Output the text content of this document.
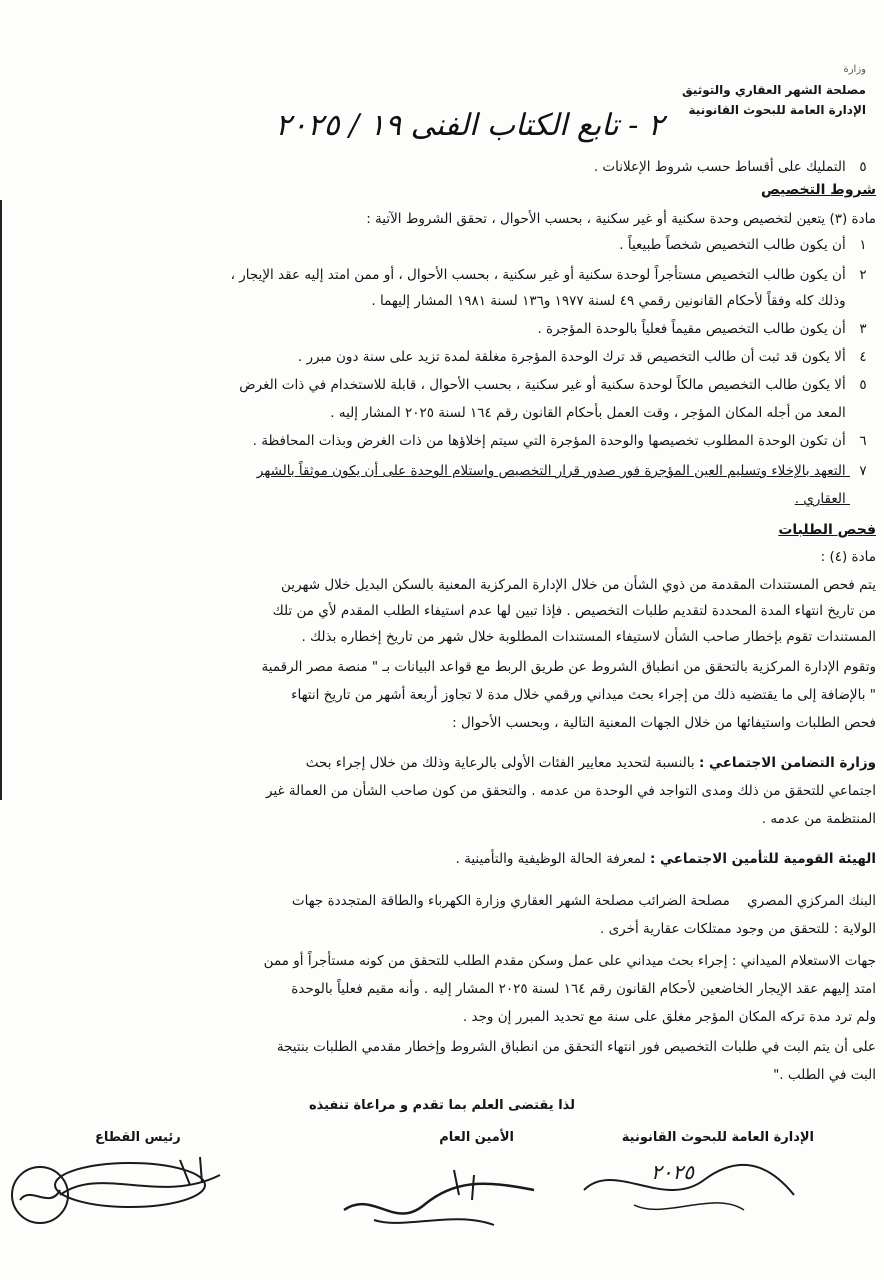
وزارة
مصلحة الشهر العقاري والتوثيق
الإدارة العامة للبحوث القانونية
٢ - تابع الكتاب الفنى ١٩ / ٢٠٢٥
٥ التمليك على أقساط حسب شروط الإعلانات .
شروط التخصيص
مادة (٣) يتعين لتخصيص وحدة سكنية أو غير سكنية ، بحسب الأحوال ، تحقق الشروط الآتية :
١ أن يكون طالب التخصيص شخصاً طبيعياً .
٢ أن يكون طالب التخصيص مستأجراً لوحدة سكنية أو غير سكنية ، بحسب الأحوال ، أو ممن امتد إليه عقد الإيجار ،
وذلك كله وفقاً لأحكام القانونين رقمي ٤٩ لسنة ١٩٧٧ و١٣٦ لسنة ١٩٨١ المشار إليهما .
٣ أن يكون طالب التخصيص مقيماً فعلياً بالوحدة المؤجرة .
٤ ألا يكون قد ثبت أن طالب التخصيص قد ترك الوحدة المؤجرة مغلقة لمدة تزيد على سنة دون مبرر .
٥ ألا يكون طالب التخصيص مالكاً لوحدة سكنية أو غير سكنية ، بحسب الأحوال ، قابلة للاستخدام في ذات الغرض
المعد من أجله المكان المؤجر ، وقت العمل بأحكام القانون رقم ١٦٤ لسنة ٢٠٢٥ المشار إليه .
٦ أن تكون الوحدة المطلوب تخصيصها والوحدة المؤجرة التي سيتم إخلاؤها من ذات الغرض وبذات المحافظة .
٧ التعهد بالإخلاء وتسليم العين المؤجرة فور صدور قرار التخصيص واستلام الوحدة على أن يكون موثقاً بالشهر
العقاري .
فحص الطلبات
مادة (٤) :
يتم فحص المستندات المقدمة من ذوي الشأن من خلال الإدارة المركزية المعنية بالسكن البديل خلال شهرين
من تاريخ انتهاء المدة المحددة لتقديم طلبات التخصيص . فإذا تبين لها عدم استيفاء الطلب المقدم لأي من تلك
المستندات تقوم بإخطار صاحب الشأن لاستيفاء المستندات المطلوبة خلال شهر من تاريخ إخطاره بذلك .
وتقوم الإدارة المركزية بالتحقق من انطباق الشروط عن طريق الربط مع قواعد البيانات بـ " منصة مصر الرقمية
" بالإضافة إلى ما يقتضيه ذلك من إجراء بحث ميداني ورقمي خلال مدة لا تجاوز أربعة أشهر من تاريخ انتهاء
فحص الطلبات واستيفائها من خلال الجهات المعنية التالية ، وبحسب الأحوال :
وزارة التضامن الاجتماعي : بالنسبة لتحديد معايير الفئات الأولى بالرعاية وذلك من خلال إجراء بحث
اجتماعي للتحقق من ذلك ومدى التواجد في الوحدة من عدمه . والتحقق من كون صاحب الشأن من العمالة غير
المنتظمة من عدمه .
الهيئة القومية للتأمين الاجتماعي : لمعرفة الحالة الوظيفية والتأمينية .
البنك المركزي المصري    مصلحة الضرائب مصلحة الشهر العقاري وزارة الكهرباء والطاقة المتجددة جهات
الولاية : للتحقق من وجود ممتلكات عقارية أخرى .
جهات الاستعلام الميداني : إجراء بحث ميداني على عمل وسكن مقدم الطلب للتحقق من كونه مستأجراً أو ممن
امتد إليهم عقد الإيجار الخاضعين لأحكام القانون رقم ١٦٤ لسنة ٢٠٢٥ المشار إليه . وأنه مقيم فعلياً بالوحدة
ولم ترد مدة تركه المكان المؤجر مغلق على سنة مع تحديد المبرر إن وجد .
على أن يتم البت في طلبات التخصيص فور انتهاء التحقق من انطباق الشروط وإخطار مقدمي الطلبات بنتيجة
البت في الطلب ."
لذا يقتضى العلم بما تقدم و مراعاة تنفيذه
الإدارة العامة للبحوث القانونية
الأمين العام
رئيس القطاع
٢٠٢٥
